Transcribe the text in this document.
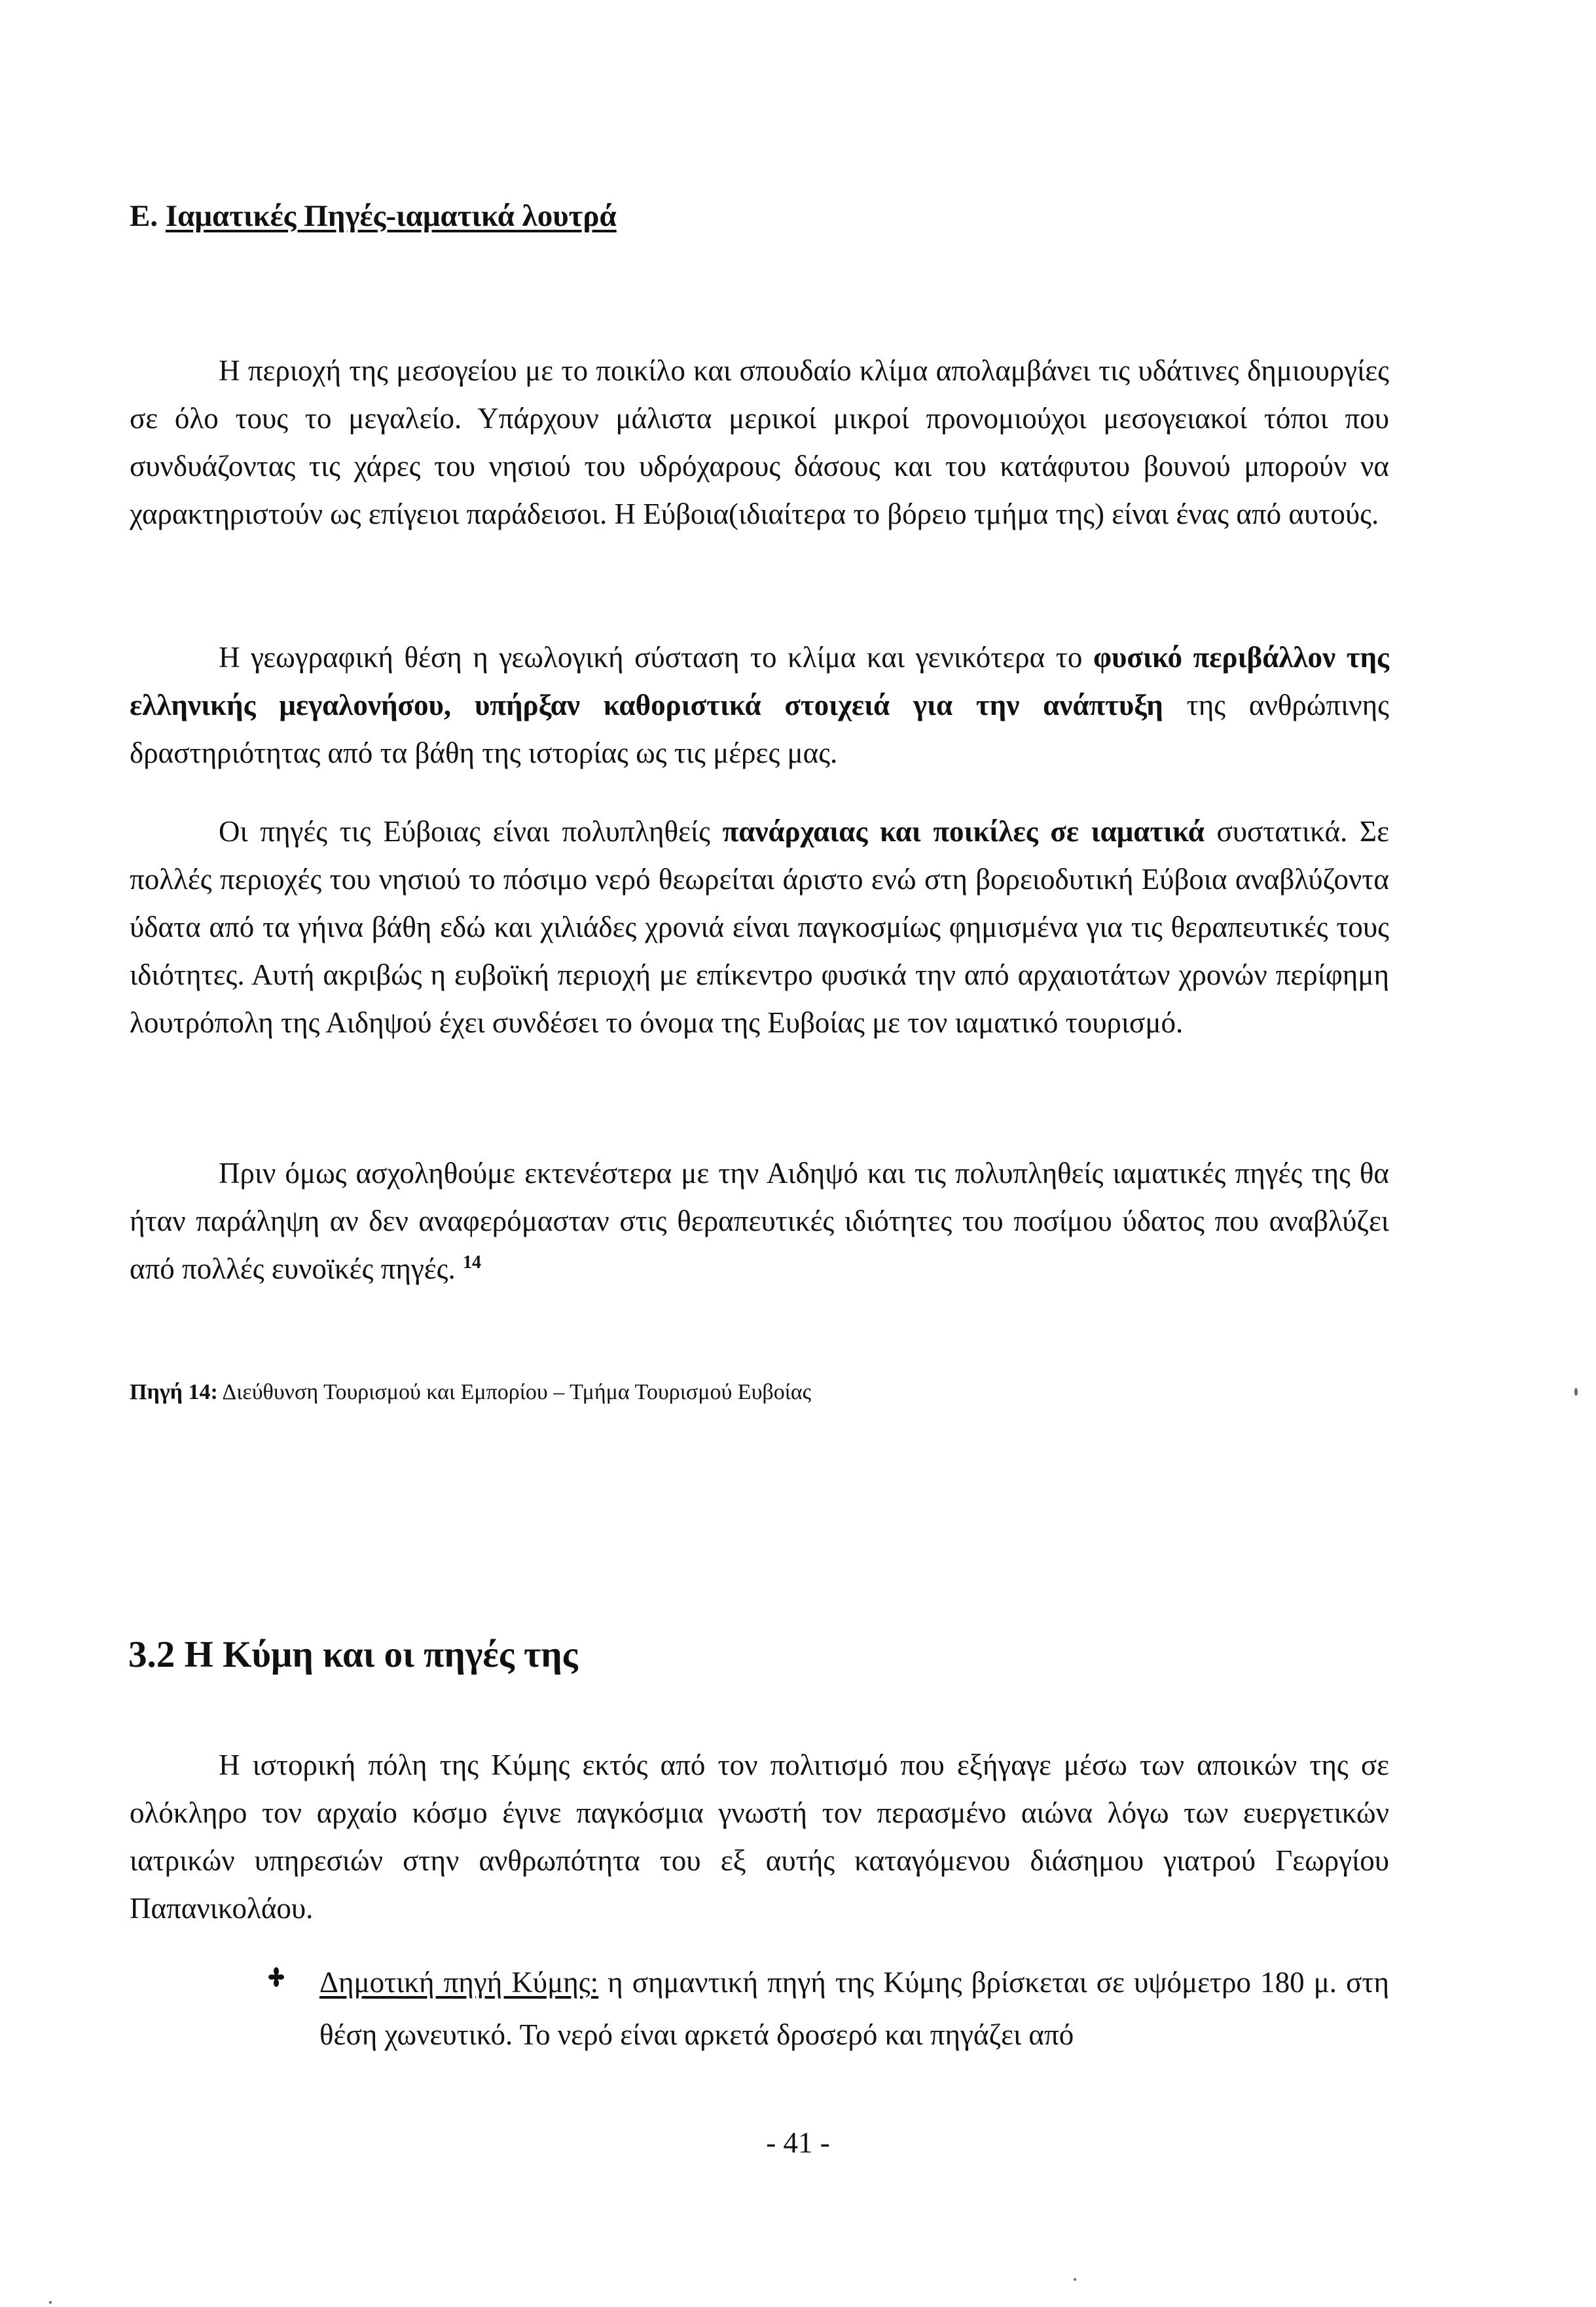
Ε. Ιαματικές Πηγές-ιαματικά λουτρά

Η περιοχή της μεσογείου με το ποικίλο και σπουδαίο κλίμα απολαμβάνει τις υδάτινες δημιουργίες σε όλο τους το μεγαλείο. Υπάρχουν μάλιστα μερικοί μικροί προνομιούχοι μεσογειακοί τόποι που συνδυάζοντας τις χάρες του νησιού του υδρόχαρους δάσους και του κατάφυτου βουνού μπορούν να χαρακτηριστούν ως επίγειοι παράδεισοι. Η Εύβοια(ιδιαίτερα το βόρειο τμήμα της) είναι ένας από αυτούς.

Η γεωγραφική θέση η γεωλογική σύσταση το κλίμα και γενικότερα το φυσικό περιβάλλον της ελληνικής μεγαλονήσου, υπήρξαν καθοριστικά στοιχειά για την ανάπτυξη της ανθρώπινης δραστηριότητας από τα βάθη της ιστορίας ως τις μέρες μας.

Οι πηγές τις Εύβοιας είναι πολυπληθείς πανάρχαιας και ποικίλες σε ιαματικά συστατικά. Σε πολλές περιοχές του νησιού το πόσιμο νερό θεωρείται άριστο ενώ στη βορειοδυτική Εύβοια αναβλύζοντα ύδατα από τα γήινα βάθη εδώ και χιλιάδες χρονιά είναι παγκοσμίως φημισμένα για τις θεραπευτικές τους ιδιότητες. Αυτή ακριβώς η ευβοϊκή περιοχή με επίκεντρο φυσικά την από αρχαιοτάτων χρονών περίφημη λουτρόπολη της Αιδηψού έχει συνδέσει το όνομα της Ευβοίας με τον ιαματικό τουρισμό.

Πριν όμως ασχοληθούμε εκτενέστερα με την Αιδηψό και τις πολυπληθείς ιαματικές πηγές της θα ήταν παράληψη αν δεν αναφερόμασταν στις θεραπευτικές ιδιότητες του ποσίμου ύδατος που αναβλύζει από πολλές ευνοϊκές πηγές. $^{14}$

Πηγή 14: Διεύθυνση Τουρισμού και Εμπορίου – Τμήμα Τουρισμού Ευβοίας
3.2 Η Κύμη και οι πηγές της

Η ιστορική πόλη της Κύμης εκτός από τον πολιτισμό που εξήγαγε μέσω των αποικών της σε ολόκληρο τον αρχαίο κόσμο έγινε παγκόσμια γνωστή τον περασμένο αιώνα λόγω των ευεργετικών ιατρικών υπηρεσιών στην ανθρωπότητα του εξ αυτής καταγόμενου διάσημου γιατρού Γεωργίου Παπανικολάου.

Δημοτική πηγή Κύμης: η σημαντική πηγή της Κύμης βρίσκεται σε υψόμετρο 180 μ. στη θέση χωνευτικό. Το νερό είναι αρκετά δροσερό και πηγάζει από

- 41 -
